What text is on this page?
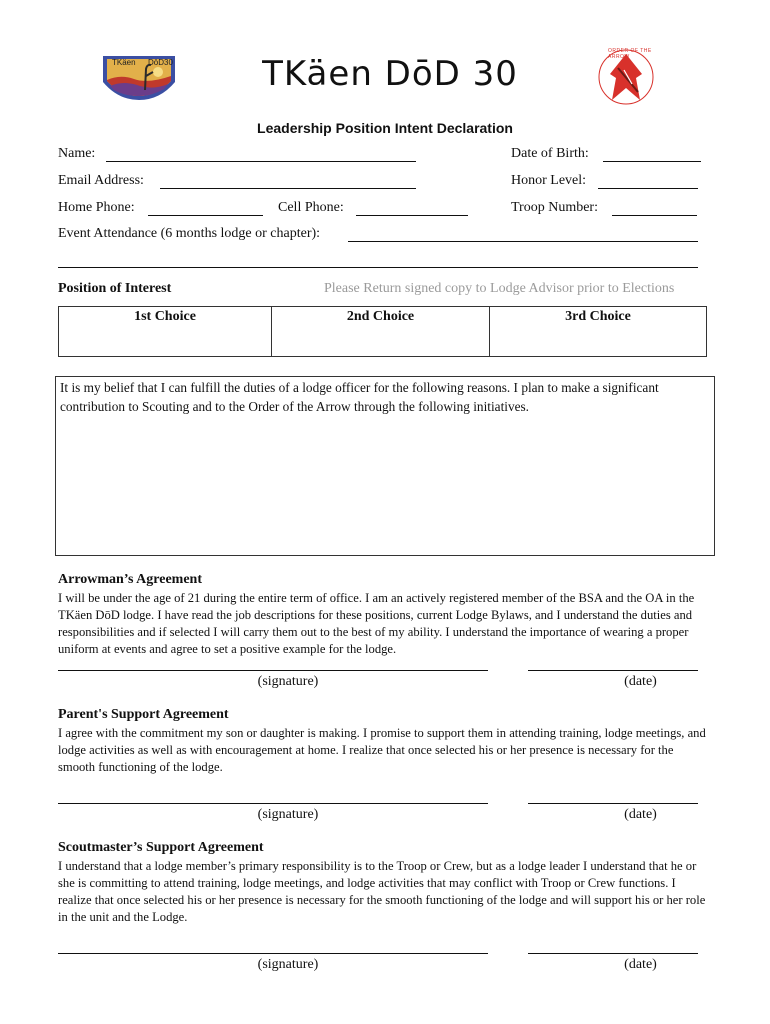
TKäen DōD30	TKäen DōD 30
ORDER OF THE ARROW
Leadership Position Intent Declaration
Name:	Date of Birth:
Email Address:	Honor Level:
Home Phone:	Cell Phone:	Troop Number:
Event Attendance (6 months lodge or chapter):
Position of Interest	Please Return signed copy to Lodge Advisor prior to Elections
1st Choice	2nd Choice	3rd Choice
It is my belief that I can fulfill the duties of a lodge officer for the following reasons. I plan to make a significant contribution to Scouting and to the Order of the Arrow through the following initiatives.
Arrowman’s Agreement
I will be under the age of 21 during the entire term of office. I am an actively registered member of the BSA and the OA in the TKäen DōD lodge. I have read the job descriptions for these positions, current Lodge Bylaws, and I understand the duties and responsibilities and if selected I will carry them out to the best of my ability. I understand the importance of wearing a proper uniform at events and agree to set a positive example for the lodge.
(signature)	(date)
Parent's Support Agreement
I agree with the commitment my son or daughter is making. I promise to support them in attending training, lodge meetings, and lodge activities as well as with encouragement at home. I realize that once selected his or her presence is necessary for the smooth functioning of the lodge.
(signature)	(date)
Scoutmaster’s Support Agreement
I understand that a lodge member’s primary responsibility is to the Troop or Crew, but as a lodge leader I understand that he or she is committing to attend training, lodge meetings, and lodge activities that may conflict with Troop or Crew functions. I realize that once selected his or her presence is necessary for the smooth functioning of the lodge and will support his or her role in the unit and the Lodge.
(signature)	(date)
